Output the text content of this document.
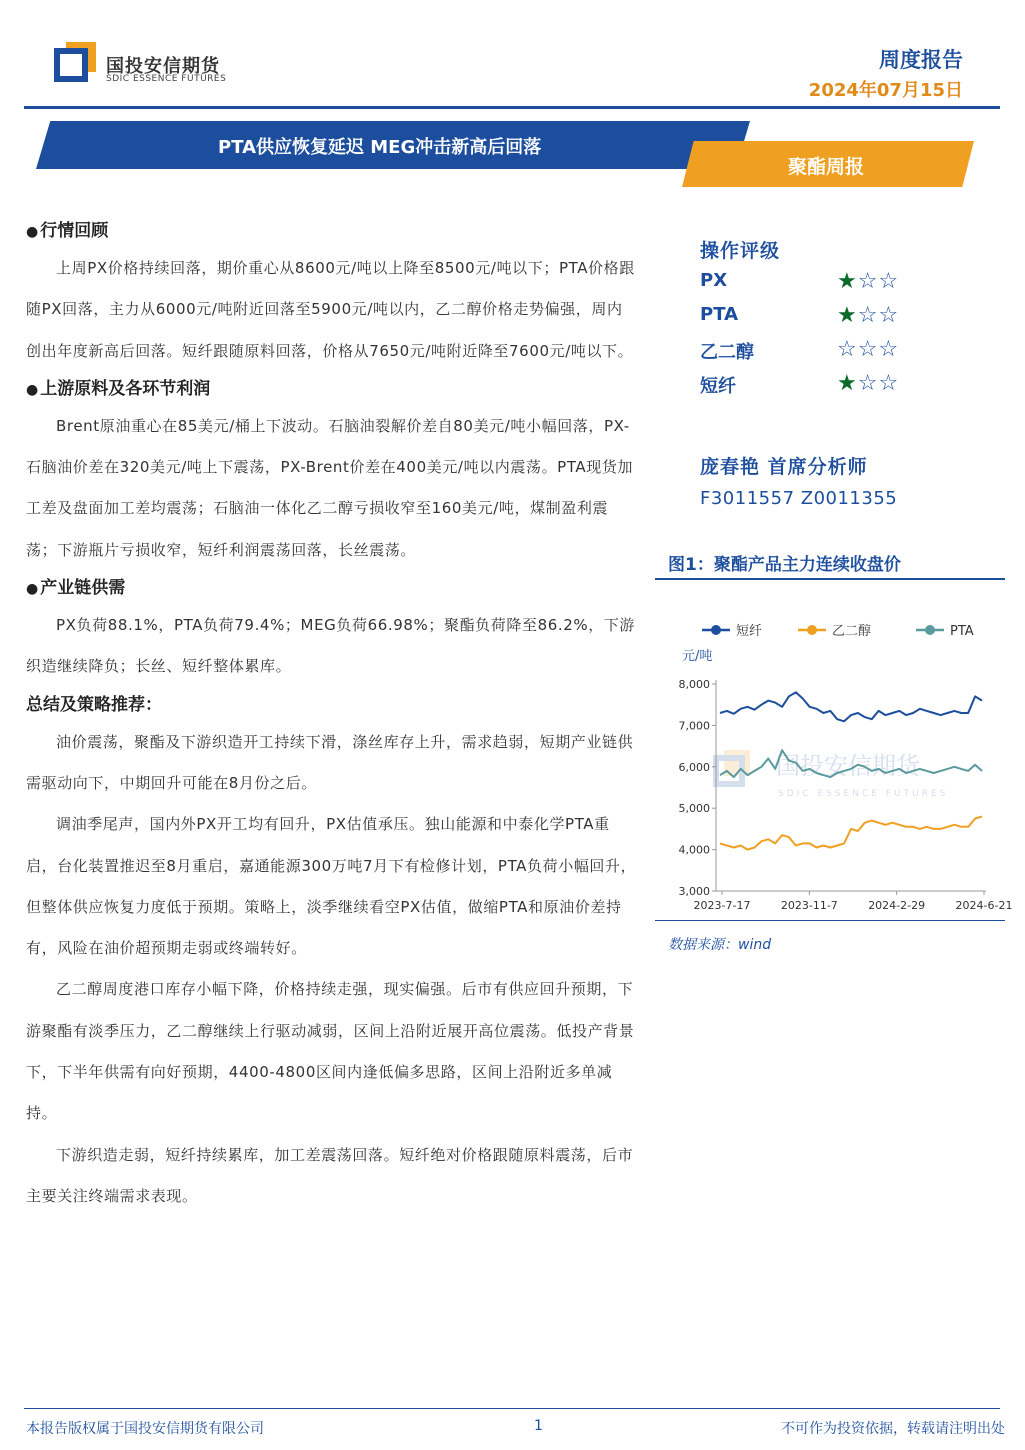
国投安信期货
SDIC ESSENCE FUTURES
周度报告
2024年07月15日
PTA供应恢复延迟 MEG冲击新高后回落
聚酯周报
● 行情回顾

上周PX价格持续回落，期价重心从8600元/吨以上降至8500元/吨以下；PTA价格跟随PX回落，主力从6000元/吨附近回落至5900元/吨以内，乙二醇价格走势偏强，周内创出年度新高后回落。短纤跟随原料回落，价格从7650元/吨附近降至7600元/吨以下。

● 上游原料及各环节利润

Brent原油重心在85美元/桶上下波动。石脑油裂解价差自80美元/吨小幅回落，PX-石脑油价差在320美元/吨上下震荡，PX-Brent价差在400美元/吨以内震荡。PTA现货加工差及盘面加工差均震荡；石脑油一体化乙二醇亏损收窄至160美元/吨，煤制盈利震荡；下游瓶片亏损收窄，短纤利润震荡回落，长丝震荡。

● 产业链供需

PX负荷88.1%，PTA负荷79.4%；MEG负荷66.98%；聚酯负荷降至86.2%，下游织造继续降负；长丝、短纤整体累库。

总结及策略推荐：

油价震荡，聚酯及下游织造开工持续下滑，涤丝库存上升，需求趋弱，短期产业链供需驱动向下，中期回升可能在8月份之后。

调油季尾声，国内外PX开工均有回升，PX估值承压。独山能源和中泰化学PTA重启，台化装置推迟至8月重启，嘉通能源300万吨7月下有检修计划，PTA负荷小幅回升，但整体供应恢复力度低于预期。策略上，淡季继续看空PX估值，做缩PTA和原油价差持有，风险在油价超预期走弱或终端转好。

乙二醇周度港口库存小幅下降，价格持续走强，现实偏强。后市有供应回升预期，下游聚酯有淡季压力，乙二醇继续上行驱动减弱，区间上沿附近展开高位震荡。低投产背景下，下半年供需有向好预期，4400-4800区间内逢低偏多思路，区间上沿附近多单减持。

下游织造走弱，短纤持续累库，加工差震荡回落。短纤绝对价格跟随原料震荡，后市主要关注终端需求表现。

操作评级
PX	★☆☆
PTA	★☆☆
乙二醇	☆☆☆
短纤	★☆☆
庞春艳 首席分析师
F3011557 Z0011355
图1：聚酯产品主力连续收盘价
短纤	乙二醇	PTA
元/吨
国投安信期货
SDIC ESSENCE FUTURES
3,000
4,000
5,000
6,000
7,000
8,000
2023-7-17	2023-11-7	2024-2-29	2024-6-21
数据来源：wind
本报告版权属于国投安信期货有限公司	1	不可作为投资依据，转载请注明出处
